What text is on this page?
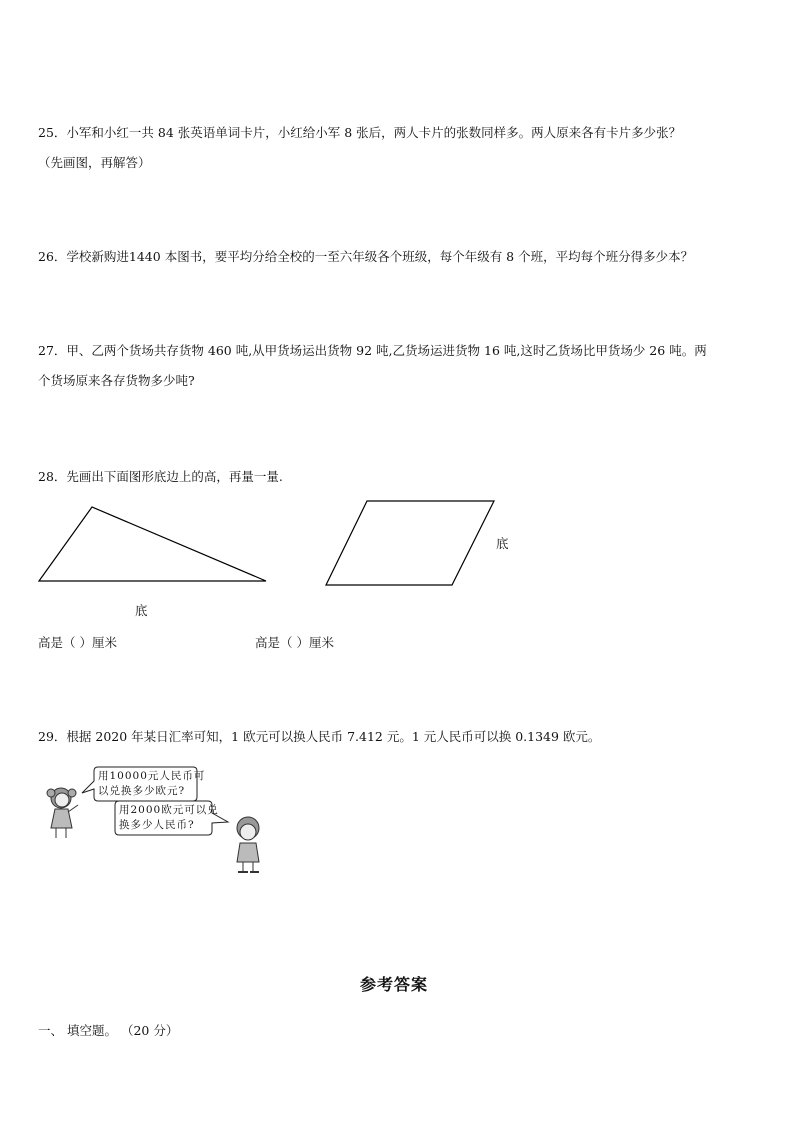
25．小军和小红一共 84 张英语单词卡片，小红给小军 8 张后，两人卡片的张数同样多。两人原来各有卡片多少张？
（先画图，再解答）
26．学校新购进1440 本图书，要平均分给全校的一至六年级各个班级，每个年级有 8 个班，平均每个班分得多少本？
27．甲、乙两个货场共存货物 460 吨,从甲货场运出货物 92 吨,乙货场运进货物 16 吨,这时乙货场比甲货场少 26 吨。两
个货场原来各存货物多少吨?
28．先画出下面图形底边上的高，再量一量.
底
底
高是（ ）厘米	高是（ ）厘米
29．根据 2020 年某日汇率可知，1 欧元可以换人民币 7.412 元。1 元人民币可以换 0.1349 欧元。
用10000元人民币可
以兑换多少欧元?
用2000欧元可以兑
换多少人民币?
参考答案
一、 填空题。 （20 分）
